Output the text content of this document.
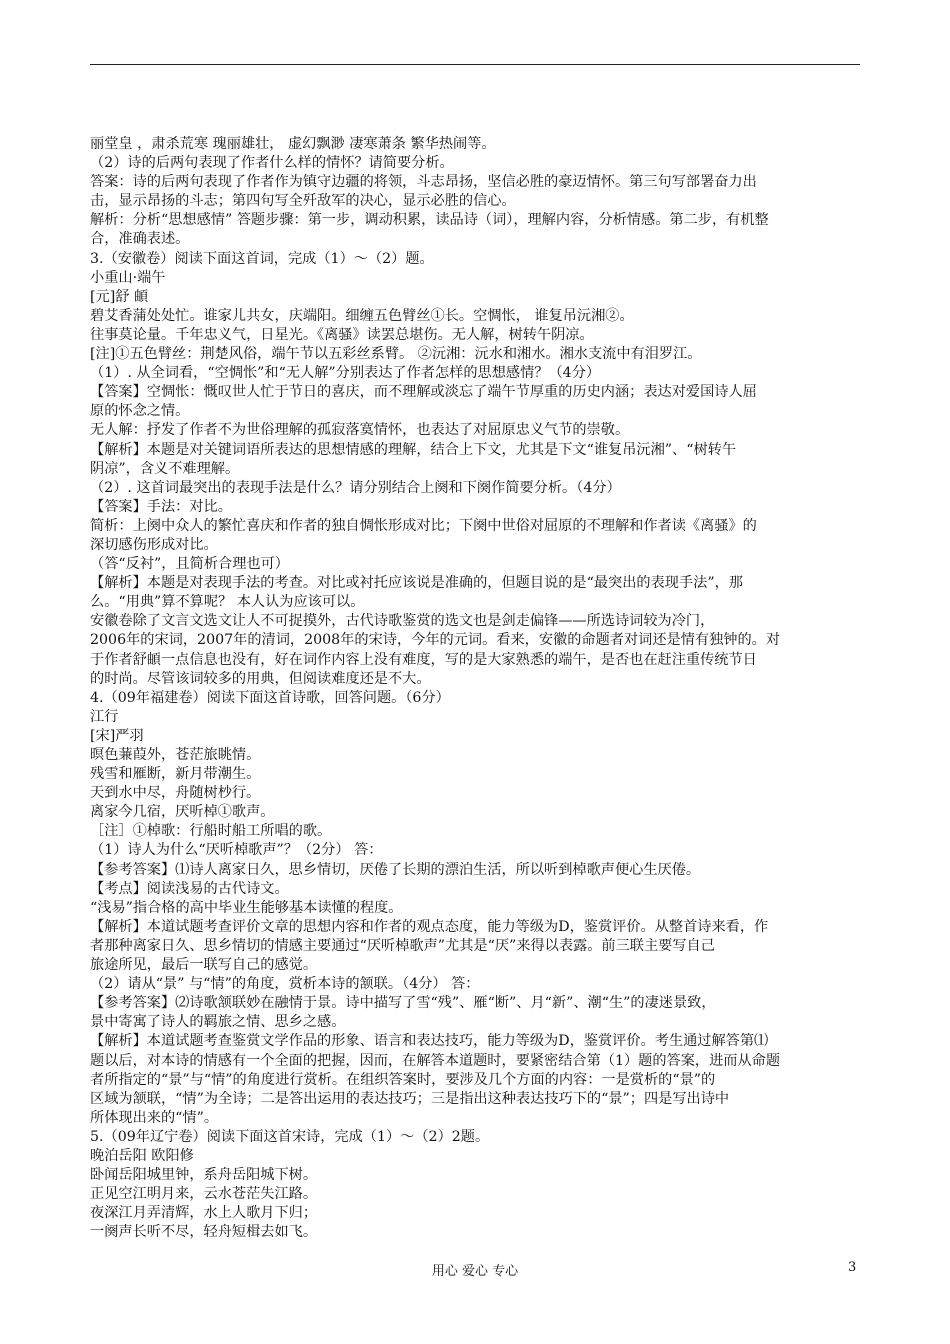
丽堂皇 ，肃杀荒寒 瑰丽雄壮， 虚幻飘渺 凄寒萧条 繁华热闹等。
（2）诗的后两句表现了作者什么样的情怀？请简要分析。
答案：诗的后两句表现了作者作为镇守边疆的将领，斗志昂扬，坚信必胜的豪迈情怀。第三句写部署奋力出
击，显示昂扬的斗志；第四句写全歼敌军的决心，显示必胜的信心。
解析：分析“思想感情” 答题步骤：第一步，调动积累，读品诗（词），理解内容，分析情感。第二步，有机整
合，准确表述。
3.（安徽卷）阅读下面这首词，完成（1）～（2）题。
小重山·端午
[元]舒 頔
碧艾香蒲处处忙。谁家儿共女，庆端阳。细缠五色臂丝①长。空惆怅， 谁复吊沅湘②。
往事莫论量。千年忠义气，日星光。《离骚》读罢总堪伤。无人解，树转午阴凉。
[注]①五色臂丝：荆楚风俗，端午节以五彩丝系臂。 ②沅湘：沅水和湘水。湘水支流中有泪罗江。
（1）. 从全词看，“空惆怅”和“无人解”分别表达了作者怎样的思想感情？（4分）
【答案】空惆怅：慨叹世人忙于节日的喜庆，而不理解或淡忘了端午节厚重的历史内涵；表达对爱国诗人屈
原的怀念之情。
无人解：抒发了作者不为世俗理解的孤寂落寞情怀，也表达了对屈原忠义气节的崇敬。
【解析】本题是对关键词语所表达的思想情感的理解，结合上下文，尤其是下文“谁复吊沅湘”、“树转午
阴凉”，含义不难理解。
（2）. 这首词最突出的表现手法是什么？请分别结合上阕和下阕作简要分析。（4分）
【答案】手法：对比。
简析：上阕中众人的繁忙喜庆和作者的独自惆怅形成对比；下阕中世俗对屈原的不理解和作者读《离骚》的
深切感伤形成对比。
（答“反衬”，且简析合理也可）
【解析】本题是对表现手法的考查。对比或衬托应该说是准确的，但题目说的是“最突出的表现手法”，那
么。“用典”算不算呢？ 本人认为应该可以。
安徽卷除了文言文选文让人不可捉摸外，古代诗歌鉴赏的选文也是剑走偏锋——所选诗词较为冷门，
2006年的宋词，2007年的清词，2008年的宋诗，今年的元词。看来，安徽的命题者对词还是情有独钟的。对
于作者舒頔一点信息也没有，好在词作内容上没有难度，写的是大家熟悉的端午，是否也在赶注重传统节日
的时尚。尽管该词较多的用典，但阅读难度还是不大。
4.（09年福建卷）阅读下面这首诗歌，回答问题。（6分）
江行
[宋]严羽
暝色蒹葭外，苍茫旅眺情。
残雪和雁断，新月带潮生。
天到水中尽，舟随树杪行。
离家今几宿，厌听棹①歌声。
［注］①棹歌：行船时船工所唱的歌。
（1）诗人为什么“厌听棹歌声”？（2分） 答：
【参考答案】⑴诗人离家日久，思乡情切，厌倦了长期的漂泊生活，所以听到棹歌声便心生厌倦。
【考点】阅读浅易的古代诗文。
“浅易”指合格的高中毕业生能够基本读懂的程度。
【解析】本道试题考查评价文章的思想内容和作者的观点态度，能力等级为D，鉴赏评价。从整首诗来看，作
者那种离家日久、思乡情切的情感主要通过“厌听棹歌声”尤其是“厌”来得以表露。前三联主要写自己
旅途所见，最后一联写自己的感觉。
（2）请从“景” 与“情”的角度，赏析本诗的颔联。（4分） 答：
【参考答案】⑵诗歌颔联妙在融情于景。诗中描写了雪“残”、雁“断”、月“新”、潮“生”的凄迷景致，
景中寄寓了诗人的羁旅之情、思乡之感。
【解析】本道试题考查鉴赏文学作品的形象、语言和表达技巧，能力等级为D，鉴赏评价。考生通过解答第⑴
题以后，对本诗的情感有一个全面的把握，因而，在解答本道题时，要紧密结合第（1）题的答案，进而从命题
者所指定的“景”与“情”的角度进行赏析。在组织答案时，要涉及几个方面的内容：一是赏析的“景”的
区域为颔联，“情”为全诗；二是答出运用的表达技巧；三是指出这种表达技巧下的“景”；四是写出诗中
所体现出来的“情”。
5.（09年辽宁卷）阅读下面这首宋诗，完成（1）～（2）2题。
晚泊岳阳 欧阳修
卧闻岳阳城里钟，系舟岳阳城下树。
正见空江明月来，云水苍茫失江路。
夜深江月弄清辉，水上人歌月下归；
一阕声长听不尽，轻舟短楫去如飞。
用心 爱心 专心	3
